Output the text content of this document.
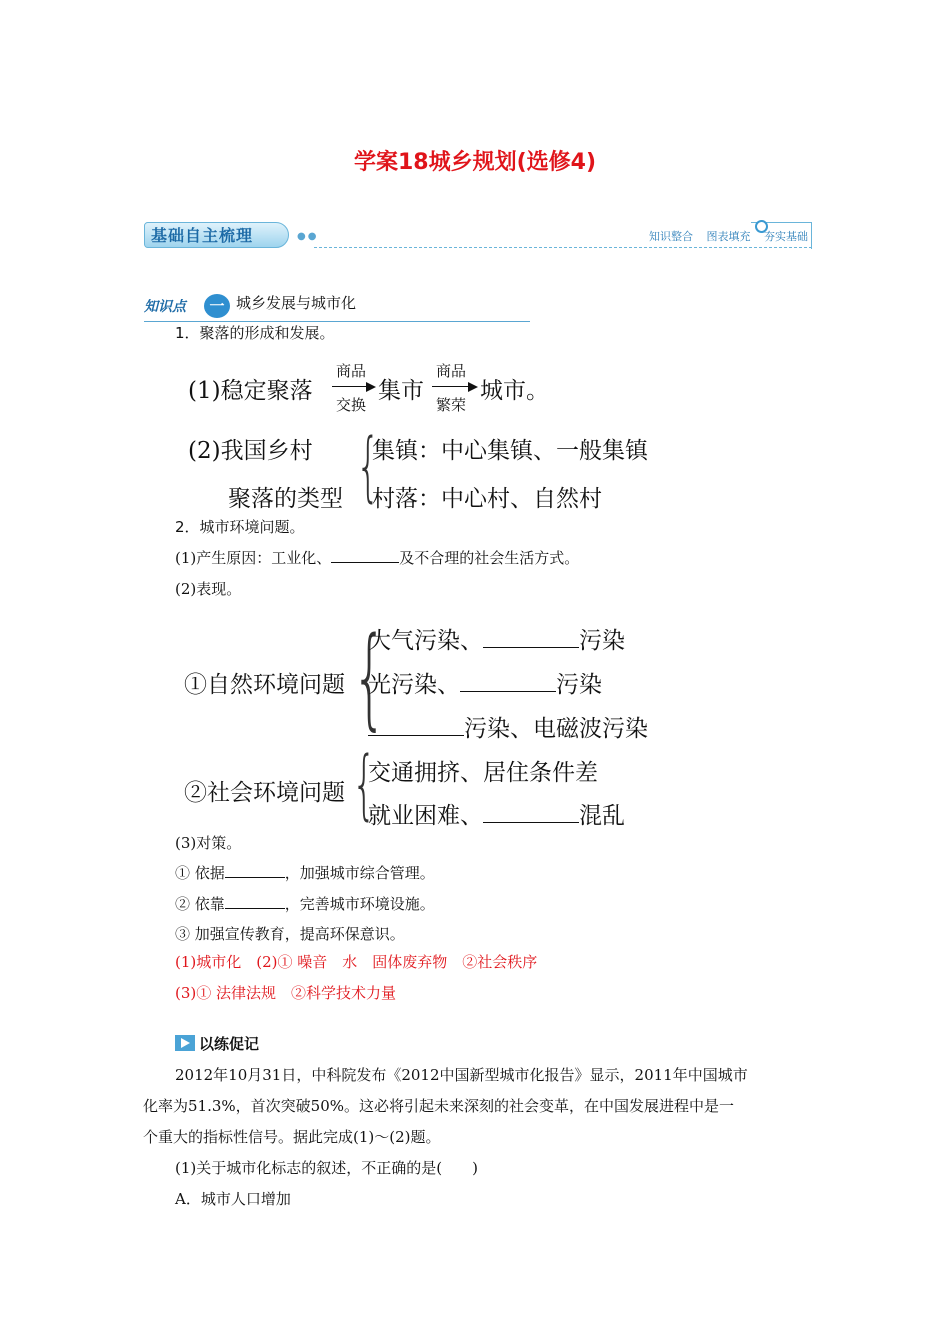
学案18城乡规划(选修4)
基础自主梳理	●●	知识整合 图表填充 夯实基础
知识点	一 城乡发展与城市化
1．聚落的形成和发展。
(1)稳定聚落
商品
交换
集市
商品
繁荣
城市。
(2)我国乡村
聚落的类型 {
集镇：中心集镇、一般集镇
村落：中心村、自然村
2．城市环境问题。
(1)产生原因：工业化、	及不合理的社会生活方式。
(2)表现。
①自然环境问题 {
大气污染、	污染
光污染、	污染
污染、电磁波污染
②社会环境问题 {
交通拥挤、居住条件差
就业困难、	混乱
(3)对策。
① 依据	，加强城市综合管理。
② 依靠	，完善城市环境设施。
③ 加强宣传教育，提高环保意识。
(1)城市化　(2)① 噪音　水　固体废弃物　②社会秩序
(3)① 法律法规　②科学技术力量
以练促记
2012年10月31日，中科院发布《2012中国新型城市化报告》显示，2011年中国城市
化率为51.3%，首次突破50%。这必将引起未来深刻的社会变革，在中国发展进程中是一
个重大的指标性信号。据此完成(1)～(2)题。
(1)关于城市化标志的叙述，不正确的是(　　)
A．城市人口增加
